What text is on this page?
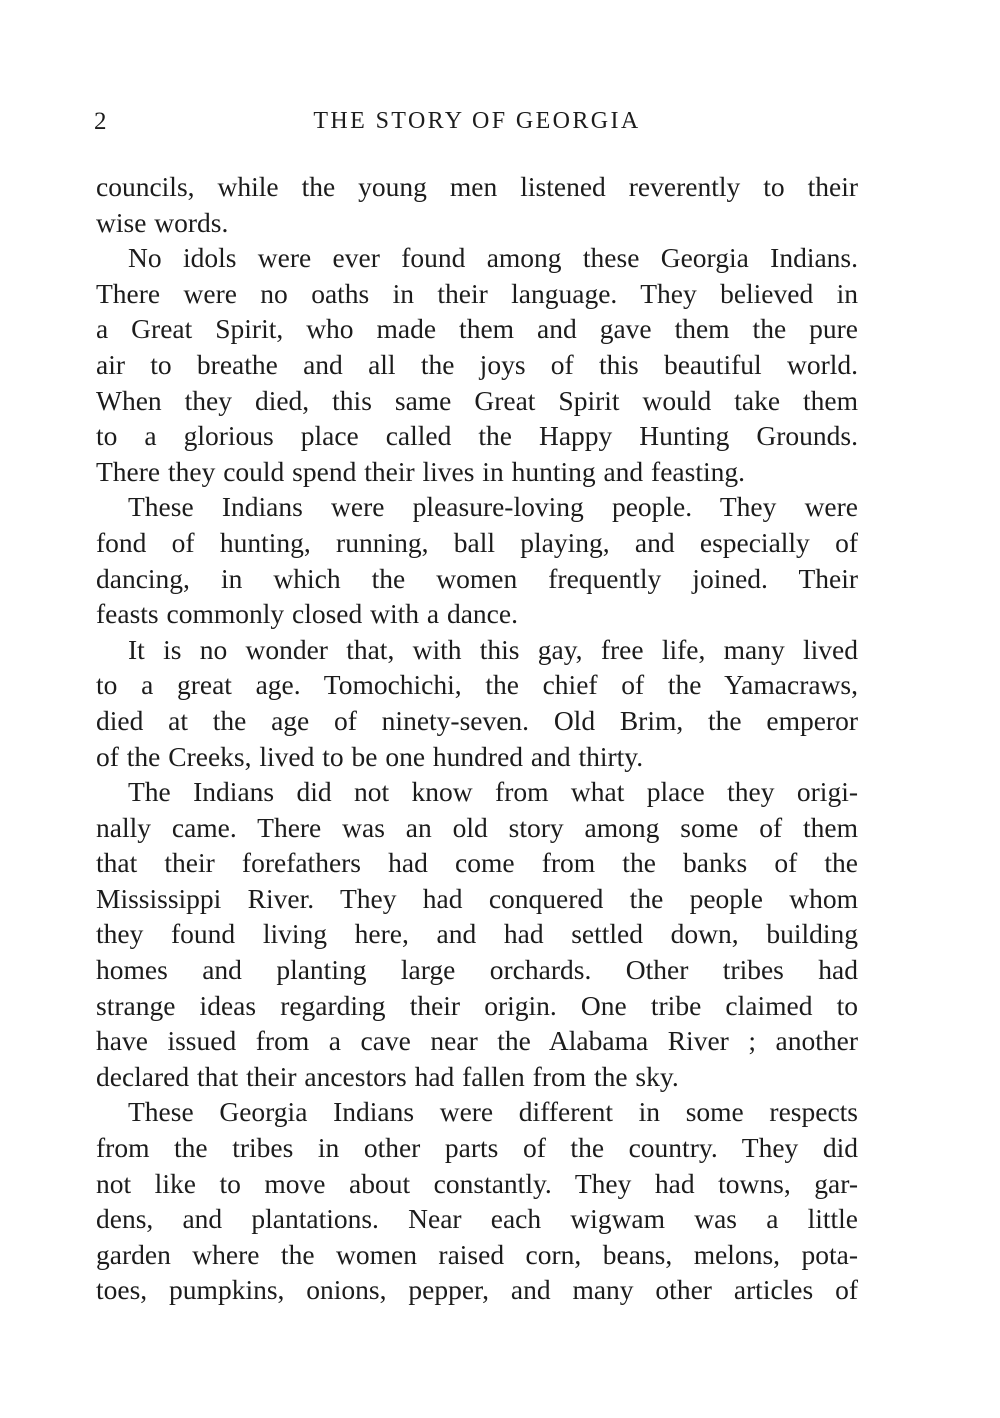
2	THE STORY OF GEORGIA
councils, while the young men listened reverently to their
wise words.
No idols were ever found among these Georgia Indians.
There were no oaths in their language. They believed in
a Great Spirit, who made them and gave them the pure
air to breathe and all the joys of this beautiful world.
When they died, this same Great Spirit would take them
to a glorious place called the Happy Hunting Grounds.
There they could spend their lives in hunting and feasting.
These Indians were pleasure-loving people. They were
fond of hunting, running, ball playing, and especially of
dancing, in which the women frequently joined. Their
feasts commonly closed with a dance.
It is no wonder that, with this gay, free life, many lived
to a great age. Tomochichi, the chief of the Yamacraws,
died at the age of ninety-seven. Old Brim, the emperor
of the Creeks, lived to be one hundred and thirty.
The Indians did not know from what place they origi-
nally came. There was an old story among some of them
that their forefathers had come from the banks of the
Mississippi River. They had conquered the people whom
they found living here, and had settled down, building
homes and planting large orchards. Other tribes had
strange ideas regarding their origin. One tribe claimed to
have issued from a cave near the Alabama River ; another
declared that their ancestors had fallen from the sky.
These Georgia Indians were different in some respects
from the tribes in other parts of the country. They did
not like to move about constantly. They had towns, gar-
dens, and plantations. Near each wigwam was a little
garden where the women raised corn, beans, melons, pota-
toes, pumpkins, onions, pepper, and many other articles of
